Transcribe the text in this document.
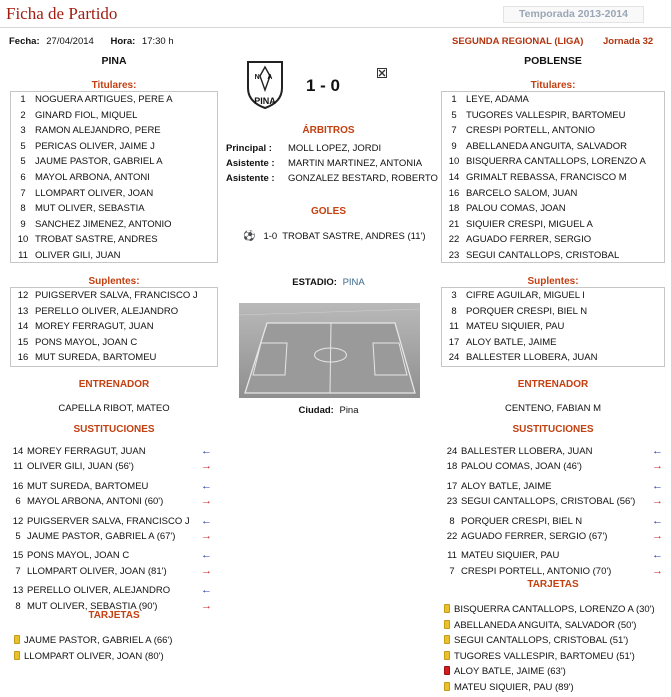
Ficha de Partido	Temporada 2013-2014
Fecha: 27/04/2014 Hora: 17:30 h	SEGUNDA REGIONAL (LIGA) Jornada 32
PINA	POBLENSE
N A
PINA
1 - 0
Titulares:	Titulares:
1 NOGUERA ARTIGUES, PERE A
2 GINARD FIOL, MIQUEL
3 RAMON ALEJANDRO, PERE
5 PERICAS OLIVER, JAIME J
5 JAUME PASTOR, GABRIEL A
6 MAYOL ARBONA, ANTONI
7 LLOMPART OLIVER, JOAN
8 MUT OLIVER, SEBASTIA
9 SANCHEZ JIMENEZ, ANTONIO
10 TROBAT SASTRE, ANDRES
11 OLIVER GILI, JUAN
1 LEYE, ADAMA
5 TUGORES VALLESPIR, BARTOMEU
7 CRESPI PORTELL, ANTONIO
9 ABELLANEDA ANGUITA, SALVADOR
10 BISQUERRA CANTALLOPS, LORENZO A
14 GRIMALT REBASSA, FRANCISCO M
16 BARCELO SALOM, JUAN
18 PALOU COMAS, JOAN
21 SIQUIER CRESPI, MIGUEL A
22 AGUADO FERRER, SERGIO
23 SEGUI CANTALLOPS, CRISTOBAL
ÁRBITROS
Principal : MOLL LOPEZ, JORDI
Asistente : MARTIN MARTINEZ, ANTONIA
Asistente : GONZALEZ BESTARD, ROBERTO
GOLES
⚽ 1-0 TROBAT SASTRE, ANDRES (11')
Suplentes:	Suplentes:
12 PUIGSERVER SALVA, FRANCISCO J
13 PERELLO OLIVER, ALEJANDRO
14 MOREY FERRAGUT, JUAN
15 PONS MAYOL, JOAN C
16 MUT SUREDA, BARTOMEU
3 CIFRE AGUILAR, MIGUEL I
8 PORQUER CRESPI, BIEL N
11 MATEU SIQUIER, PAU
17 ALOY BATLE, JAIME
24 BALLESTER LLOBERA, JUAN
ESTADIO: PINA
Ciudad: Pina
ENTRENADOR
CAPELLA RIBOT, MATEO
ENTRENADOR
CENTENO, FABIAN M
SUSTITUCIONES	SUSTITUCIONES
14 MOREY FERRAGUT, JUAN	←
11 OLIVER GILI, JUAN (56')	→
16 MUT SUREDA, BARTOMEU	←
6 MAYOL ARBONA, ANTONI (60')	→
12 PUIGSERVER SALVA, FRANCISCO J ←
5 JAUME PASTOR, GABRIEL A (67') →
15 PONS MAYOL, JOAN C	←
7 LLOMPART OLIVER, JOAN (81')	→
13 PERELLO OLIVER, ALEJANDRO	←
8 MUT OLIVER, SEBASTIA (90')	→
24 BALLESTER LLOBERA, JUAN	←
18 PALOU COMAS, JOAN (46')	→
17 ALOY BATLE, JAIME	←
23 SEGUI CANTALLOPS, CRISTOBAL (56') →
8 PORQUER CRESPI, BIEL N	←
22 AGUADO FERRER, SERGIO (67')	→
11 MATEU SIQUIER, PAU	←
7 CRESPI PORTELL, ANTONIO (70')	→
TARJETAS
JAUME PASTOR, GABRIEL A (66')
LLOMPART OLIVER, JOAN (80')
TARJETAS
BISQUERRA CANTALLOPS, LORENZO A (30')
ABELLANEDA ANGUITA, SALVADOR (50')
SEGUI CANTALLOPS, CRISTOBAL (51')
TUGORES VALLESPIR, BARTOMEU (51')
ALOY BATLE, JAIME (63')
MATEU SIQUIER, PAU (89')
